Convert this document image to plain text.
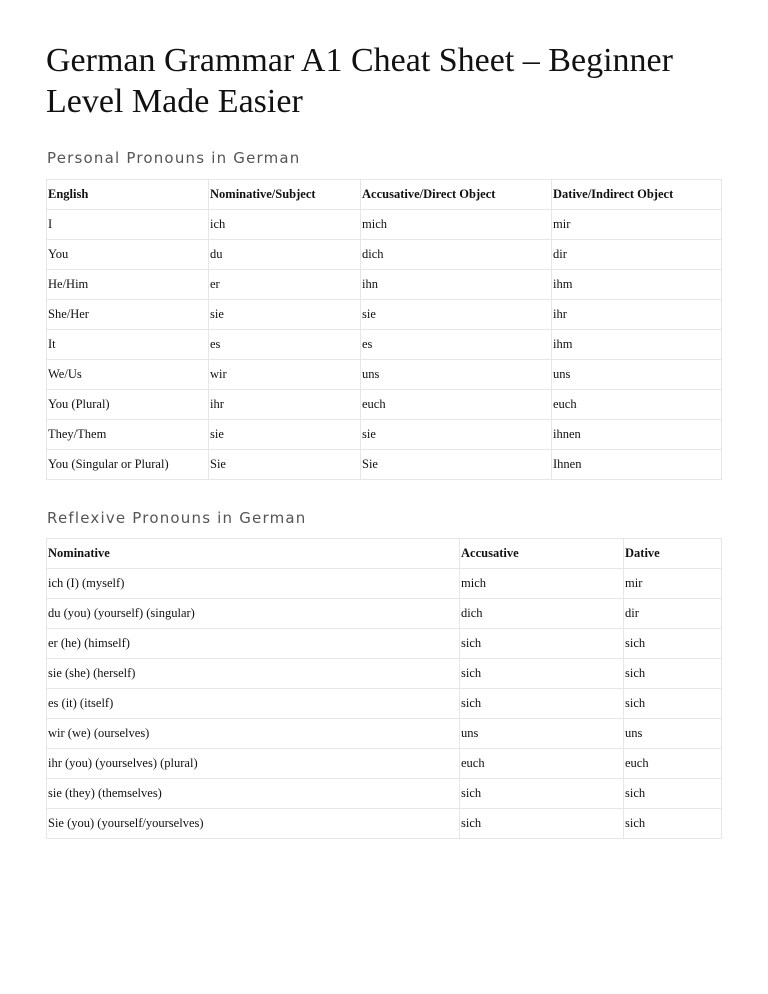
German Grammar A1 Cheat Sheet – Beginner Level Made Easier
Personal Pronouns in German
English	Nominative/Subject	Accusative/Direct Object	Dative/Indirect Object
I	ich	mich	mir
You	du	dich	dir
He/Him	er	ihn	ihm
She/Her	sie	sie	ihr
It	es	es	ihm
We/Us	wir	uns	uns
You (Plural)	ihr	euch	euch
They/Them	sie	sie	ihnen
You (Singular or Plural)	Sie	Sie	Ihnen
Reflexive Pronouns in German
Nominative	Accusative	Dative
ich (I) (myself)	mich	mir
du (you) (yourself) (singular)	dich	dir
er (he) (himself)	sich	sich
sie (she) (herself)	sich	sich
es (it) (itself)	sich	sich
wir (we) (ourselves)	uns	uns
ihr (you) (yourselves) (plural)	euch	euch
sie (they) (themselves)	sich	sich
Sie (you) (yourself/yourselves)	sich	sich
